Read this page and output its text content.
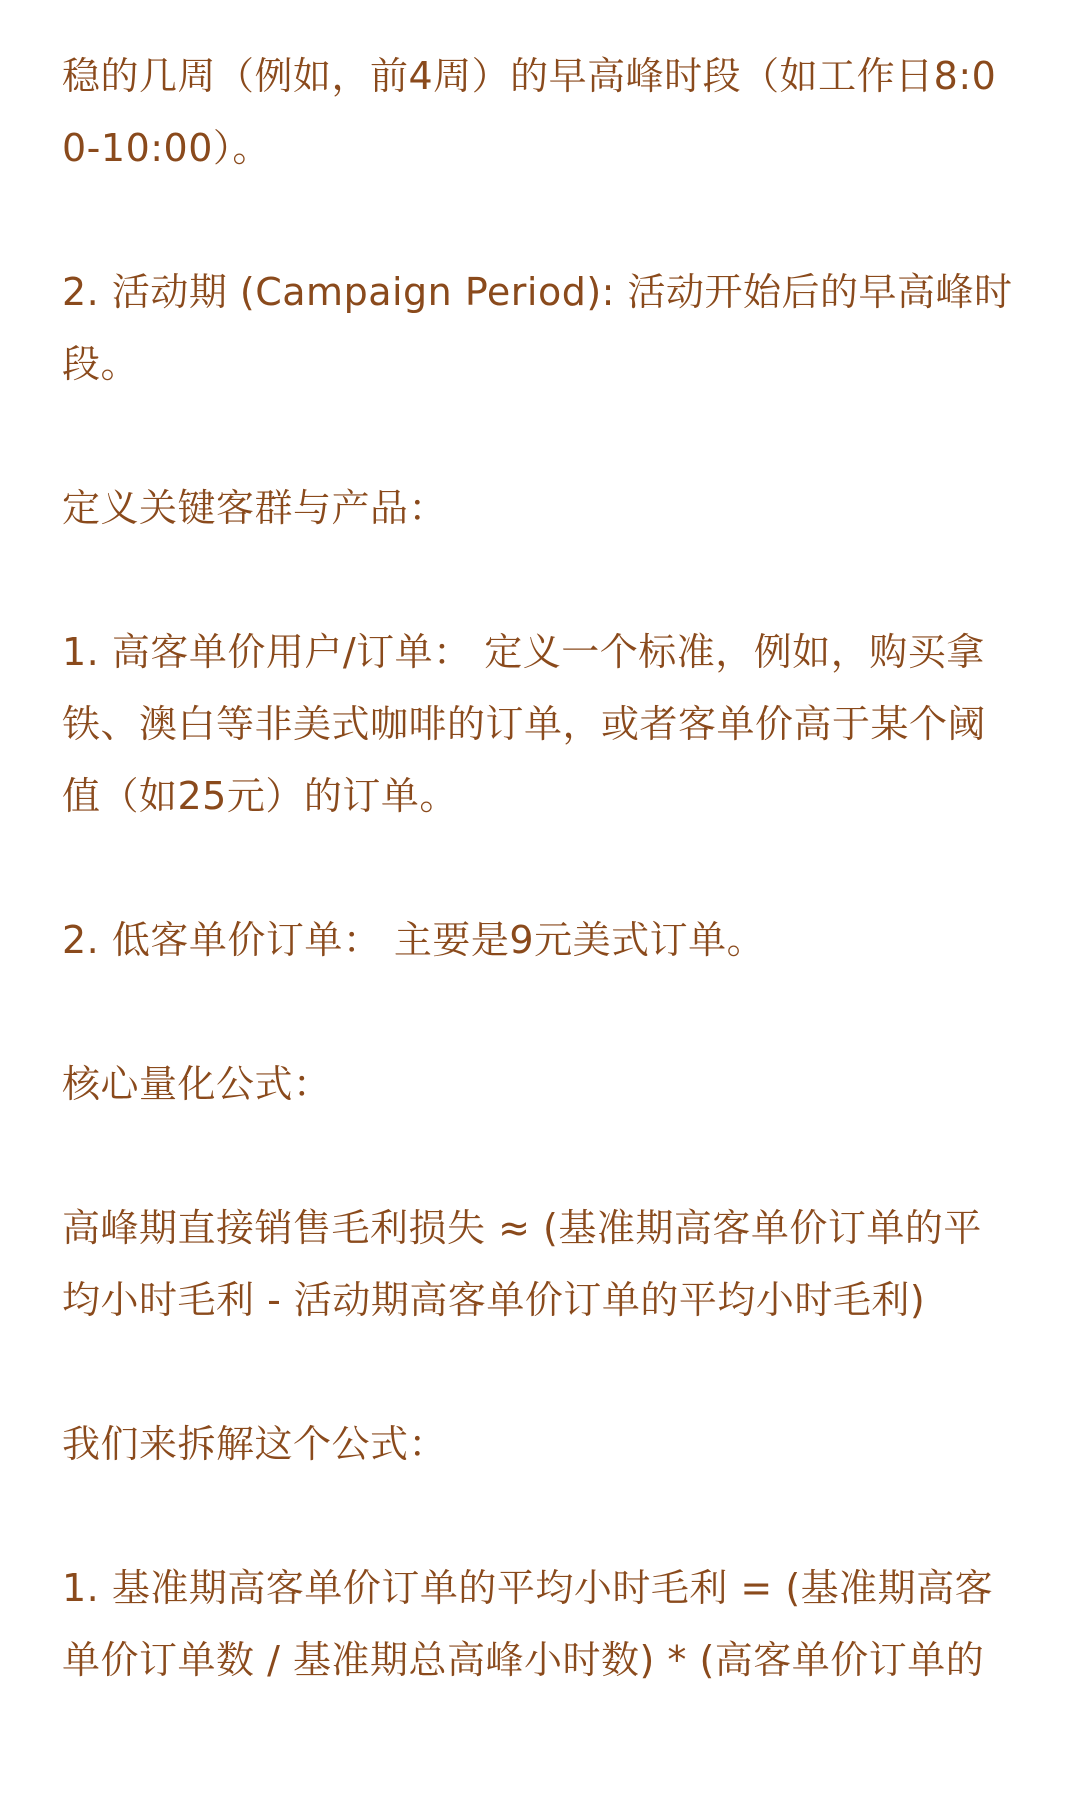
稳的几周（例如，前4周）的早高峰时段（如工作日8:00-10:00）。

2. 活动期 (Campaign Period): 活动开始后的早高峰时段。

定义关键客群与产品：

1. 高客单价用户/订单： 定义一个标准，例如，购买拿铁、澳白等非美式咖啡的订单，或者客单价高于某个阈值（如25元）的订单。

2. 低客单价订单： 主要是9元美式订单。

核心量化公式：

高峰期直接销售毛利损失 ≈ (基准期高客单价订单的平均小时毛利 - 活动期高客单价订单的平均小时毛利)

我们来拆解这个公式：

1. 基准期高客单价订单的平均小时毛利 = (基准期高客单价订单数 / 基准期总高峰小时数) * (高客单价订单的
